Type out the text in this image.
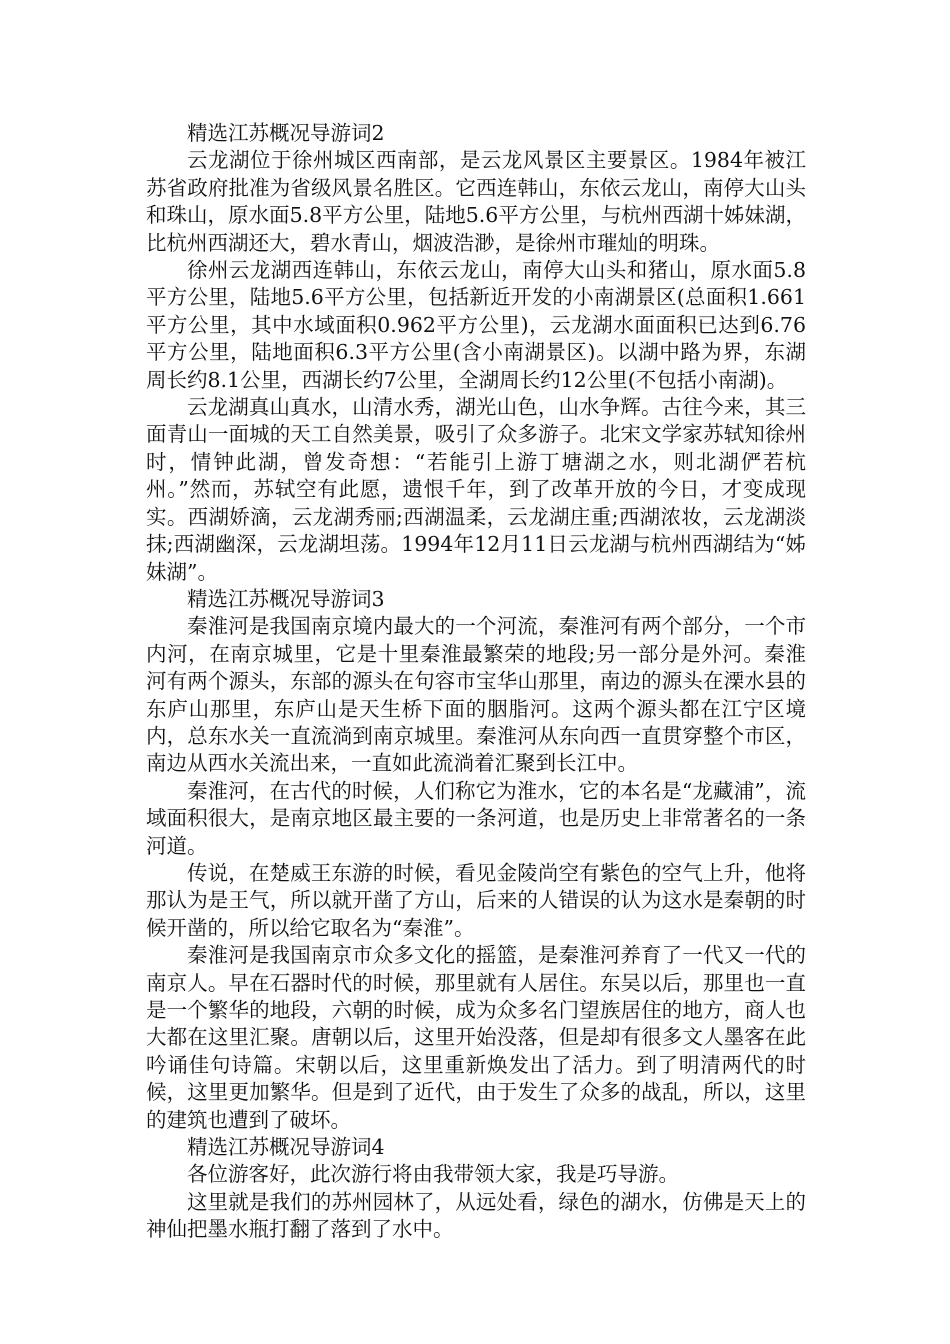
精选江苏概况导游词2

云龙湖位于徐州城区西南部，是云龙风景区主要景区。1984年被江苏省政府批准为省级风景名胜区。它西连韩山，东依云龙山，南停大山头和珠山，原水面5.8平方公里，陆地5.6平方公里，与杭州西湖十姊妹湖，比杭州西湖还大，碧水青山，烟波浩渺，是徐州市璀灿的明珠。

徐州云龙湖西连韩山，东依云龙山，南停大山头和猪山，原水面5.8平方公里，陆地5.6平方公里，包括新近开发的小南湖景区(总面积1.661平方公里，其中水域面积0.962平方公里)，云龙湖水面面积已达到6.76平方公里，陆地面积6.3平方公里(含小南湖景区)。以湖中路为界，东湖周长约8.1公里，西湖长约7公里，全湖周长约12公里(不包括小南湖)。

云龙湖真山真水，山清水秀，湖光山色，山水争辉。古往今来，其三面青山一面城的天工自然美景，吸引了众多游子。北宋文学家苏轼知徐州时，情钟此湖，曾发奇想：“若能引上游丁塘湖之水，则北湖俨若杭州。”然而，苏轼空有此愿，遗恨千年，到了改革开放的今日，才变成现实。西湖娇滴，云龙湖秀丽;西湖温柔，云龙湖庄重;西湖浓妆，云龙湖淡抹;西湖幽深，云龙湖坦荡。1994年12月11日云龙湖与杭州西湖结为“姊妹湖”。

精选江苏概况导游词3

秦淮河是我国南京境内最大的一个河流，秦淮河有两个部分，一个市内河，在南京城里，它是十里秦淮最繁荣的地段;另一部分是外河。秦淮河有两个源头，东部的源头在句容市宝华山那里，南边的源头在溧水县的东庐山那里，东庐山是天生桥下面的胭脂河。这两个源头都在江宁区境内，总东水关一直流淌到南京城里。秦淮河从东向西一直贯穿整个市区，南边从西水关流出来，一直如此流淌着汇聚到长江中。

秦淮河，在古代的时候，人们称它为淮水，它的本名是“龙藏浦”，流域面积很大，是南京地区最主要的一条河道，也是历史上非常著名的一条河道。

传说，在楚威王东游的时候，看见金陵尚空有紫色的空气上升，他将那认为是王气，所以就开凿了方山，后来的人错误的认为这水是秦朝的时候开凿的，所以给它取名为“秦淮”。

秦淮河是我国南京市众多文化的摇篮，是秦淮河养育了一代又一代的南京人。早在石器时代的时候，那里就有人居住。东吴以后，那里也一直是一个繁华的地段，六朝的时候，成为众多名门望族居住的地方，商人也大都在这里汇聚。唐朝以后，这里开始没落，但是却有很多文人墨客在此吟诵佳句诗篇。宋朝以后，这里重新焕发出了活力。到了明清两代的时候，这里更加繁华。但是到了近代，由于发生了众多的战乱，所以，这里的建筑也遭到了破坏。

精选江苏概况导游词4

各位游客好，此次游行将由我带领大家，我是巧导游。

这里就是我们的苏州园林了，从远处看，绿色的湖水，仿佛是天上的神仙把墨水瓶打翻了落到了水中。
